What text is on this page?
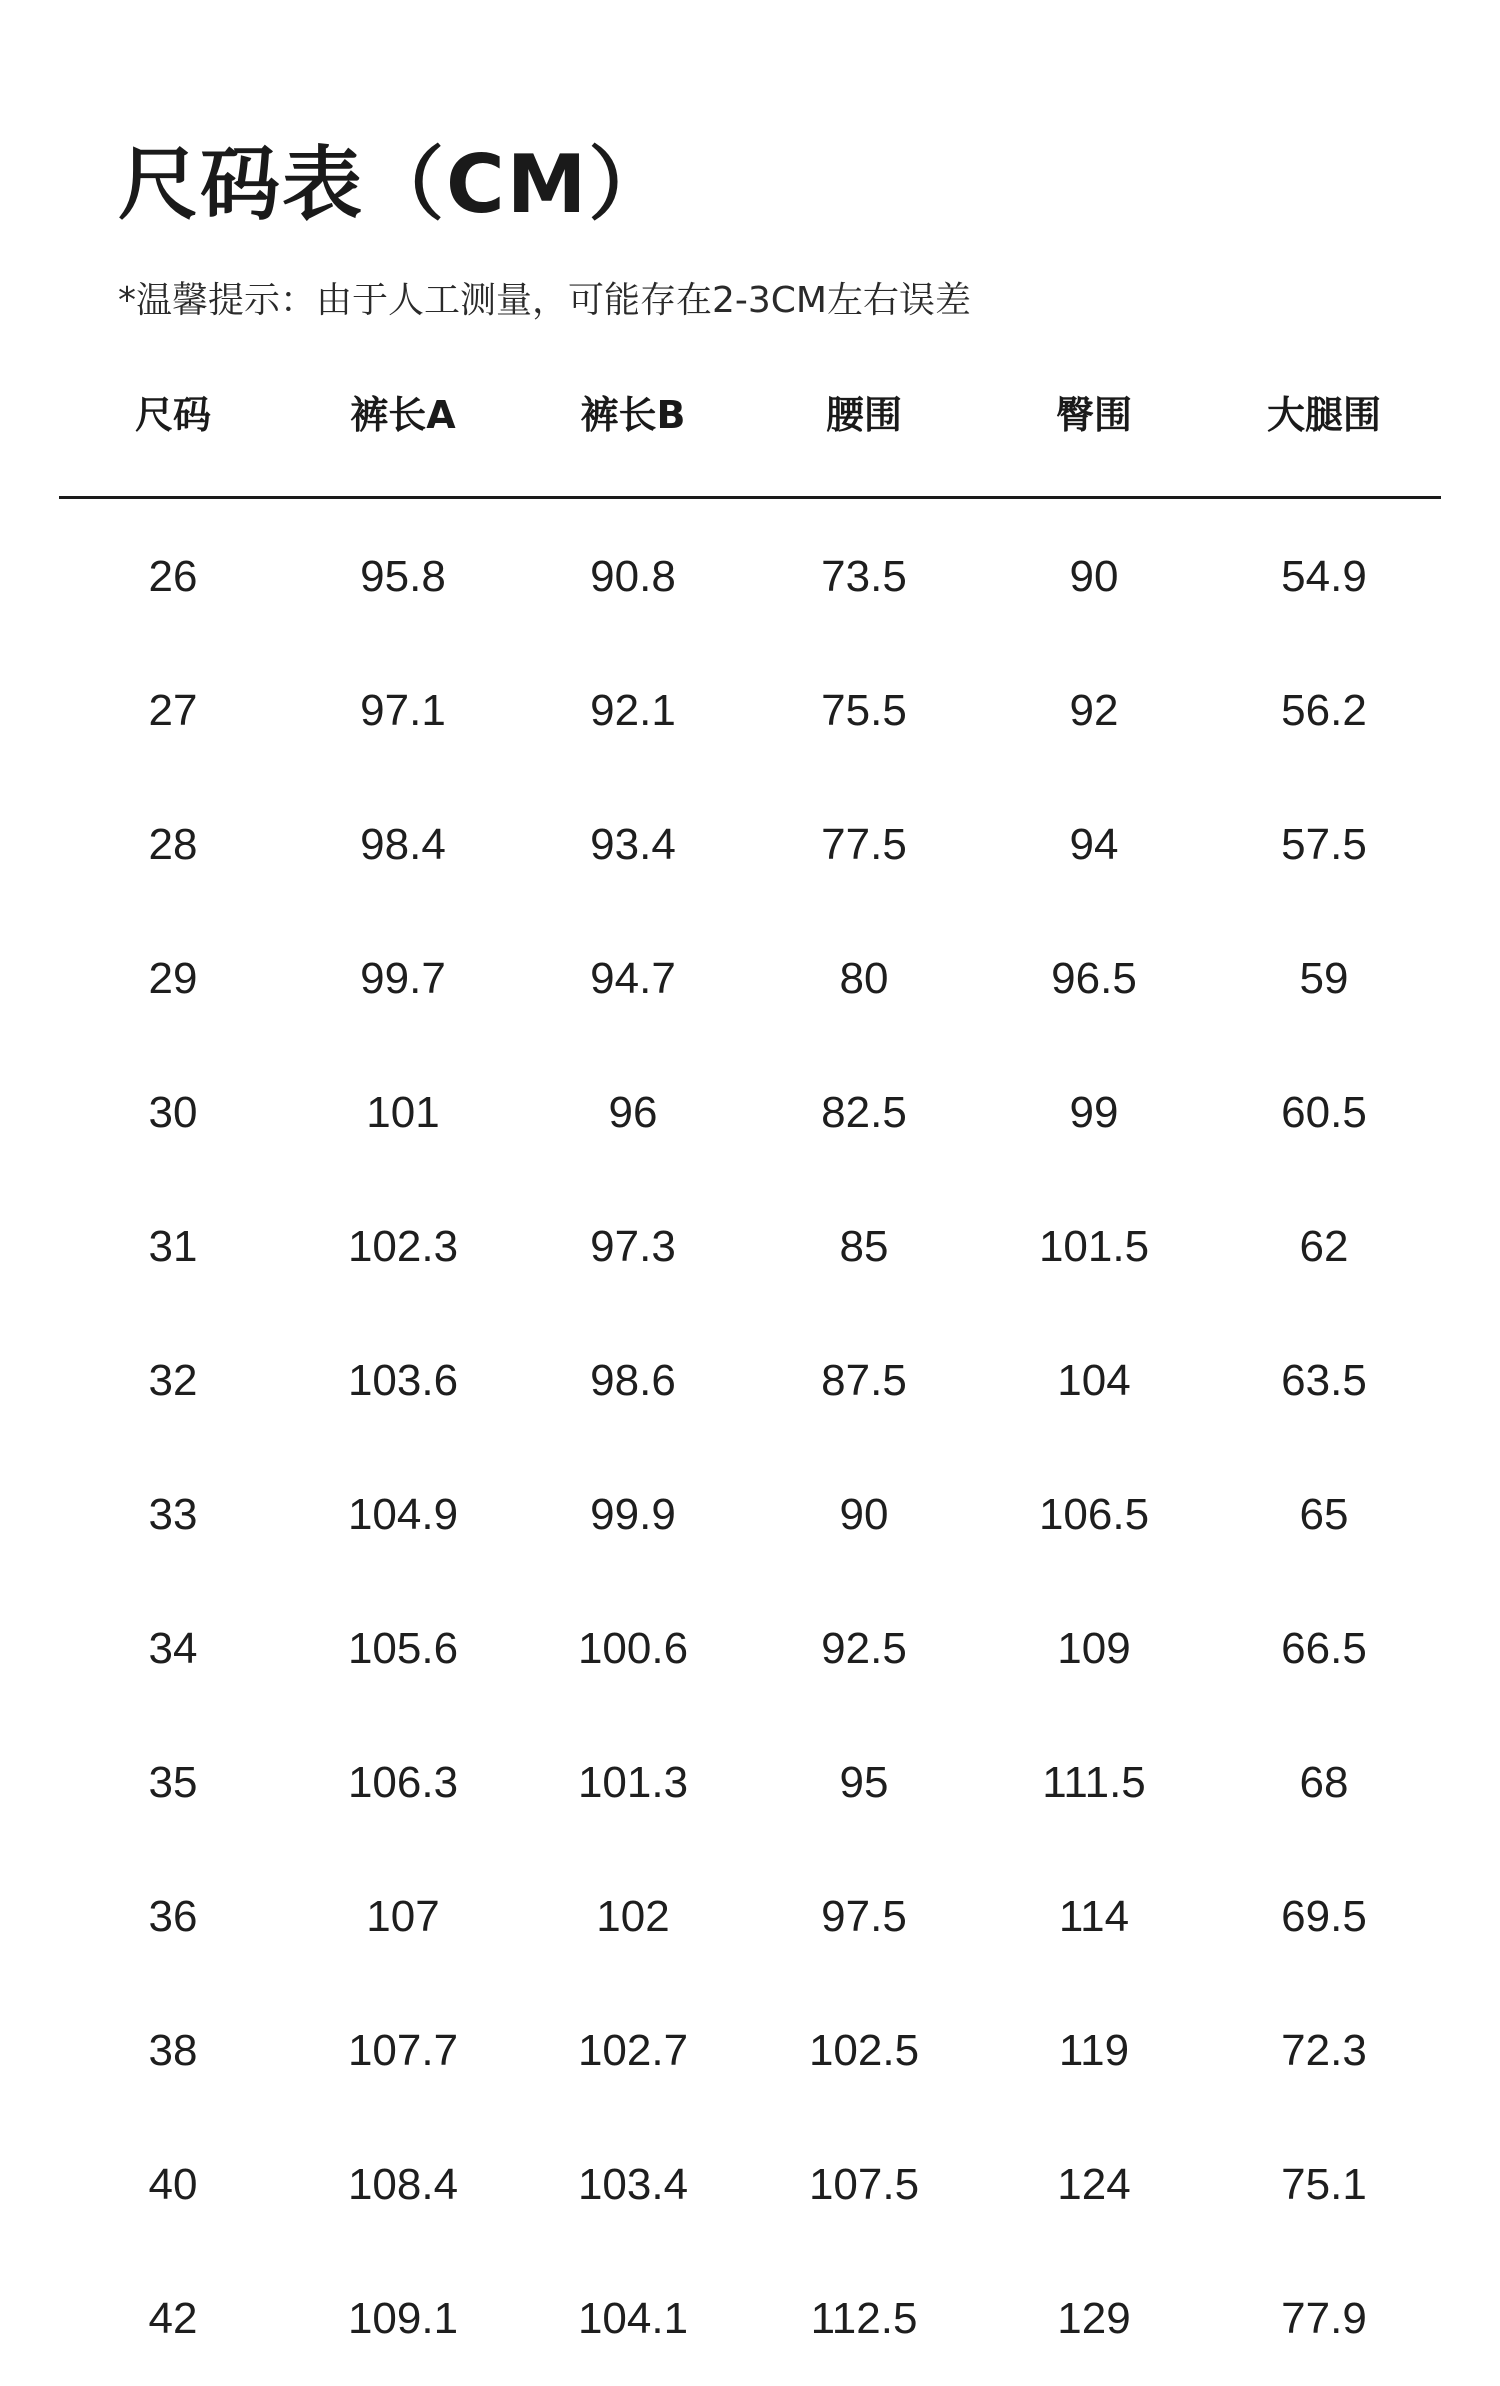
尺码表（CM）
*温馨提示：由于人工测量，可能存在2-3CM左右误差
尺码	裤长A	裤长B	腰围	臀围	大腿围
26	95.8	90.8	73.5	90	54.9
27	97.1	92.1	75.5	92	56.2
28	98.4	93.4	77.5	94	57.5
29	99.7	94.7	80	96.5	59
30	101	96	82.5	99	60.5
31	102.3	97.3	85	101.5	62
32	103.6	98.6	87.5	104	63.5
33	104.9	99.9	90	106.5	65
34	105.6	100.6	92.5	109	66.5
35	106.3	101.3	95	111.5	68
36	107	102	97.5	114	69.5
38	107.7	102.7	102.5	119	72.3
40	108.4	103.4	107.5	124	75.1
42	109.1	104.1	112.5	129	77.9
